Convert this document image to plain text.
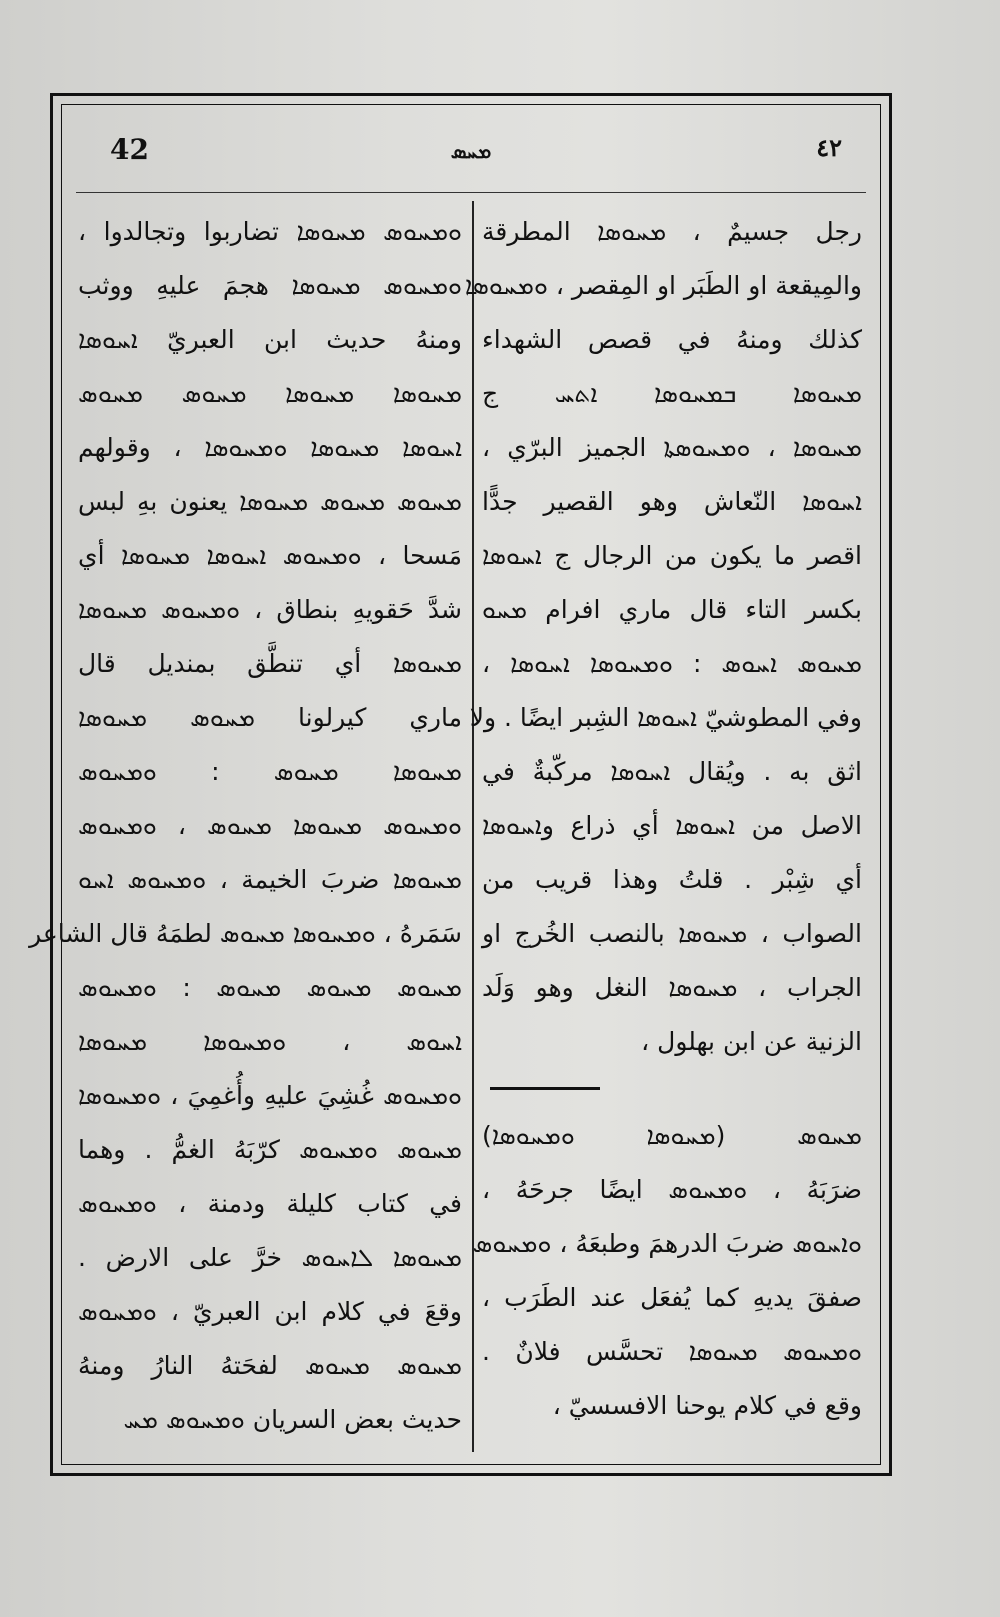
42	ܡܚܣ	٤٢
رجل جسيمٌ ، ܡܚܘܣܐ المطرقة
والمِيقعة او الطَبَر او المِقصر ، ܘܡܚܘܣܐ
كذلك ومنهُ في قصص الشهداء
ܡܚܘܣܐ ܒܡܚܘܣܐ ܐܬܚ ج
ܡܚܘܣܐ ، ܘܡܚܘܣܬܐ الجميز البرّي ،
ܐܚܘܣܐ النّعاش وهو القصير جدًّا
اقصر ما يكون من الرجال ج ܐܚܘܣܐ
بكسر التاء قال ماري افرام ܡܚܘ
ܡܚܘܣ ܐܚܘܣ : ܘܡܚܘܣܐ ܐܚܘܣܐ ،
وفي المطوشيّ ܐܚܘܣܐ الشِبر ايضًا . ولا
اثق به . ويُقال ܐܚܘܣܐ مركّبةٌ في
الاصل من ܐܚܘܣܐ أي ذراع وܐܚܘܣܐ
أي شِبْر . قلتُ وهذا قريب من
الصواب ، ܡܚܘܣܐ بالنصب الخُرج او
الجراب ، ܡܚܘܣܐ النغل وهو وَلَد
الزنية عن ابن بهلول ،
ܡܚܘܣ (ܡܚܘܣܐ ܘܡܚܘܣܐ)
ضرَبَهُ ، ܘܡܚܘܣ ايضًا جرحَهُ ،
ܘܐܚܘܣ ضربَ الدرهمَ وطبعَهُ ، ܘܡܚܘܣ
صفقَ يديهِ كما يُفعَل عند الطَرَب ،
ܘܡܚܘܣ ܡܚܘܣܐ تحسَّس فلانٌ .
وقع في كلام يوحنا الافسسيّ ،
ܘܡܚܘܣ ܡܚܘܣܐ تضاربوا وتجالدوا ،
ܘܡܚܘܣ ܡܚܘܣܐ هجمَ عليهِ ووثب
ومنهُ حديث ابن العبريّ ܐܚܘܣܐ
ܡܚܘܣܐ ܡܚܘܣܐ ܡܚܘܣ ܡܚܘܣ
ܐܚܘܣܐ ܡܚܘܣܐ ܘܡܚܘܣܐ ، وقولهم
ܡܚܘܣ ܡܚܘܣ ܡܚܘܣܐ يعنون بهِ لبس
مَسحا ، ܘܡܚܘܣ ܐܚܘܣܐ ܡܚܘܣܐ أي
شدَّ حَقويهِ بنطاق ، ܘܡܚܘܣ ܡܚܘܣܐ
ܡܚܘܣܐ أي تنطَّق بمنديل قال
ماري كيرلونا ܡܚܘܣ ܡܚܘܣܐ
ܡܚܘܣܐ ܡܚܘܣ : ܘܡܚܘܣ
ܘܡܚܘܣ ܡܚܘܣܐ ܡܚܘܣ ، ܘܡܚܘܣ
ܡܚܘܣܐ ضربَ الخيمة ، ܘܡܚܘܣ ܐܚܘ
سَمَرهُ ، ܘܡܚܘܣܐ ܡܚܘܣ لطمَهُ قال الشاعر
ܡܚܘܣ ܡܚܘܣ ܡܚܘܣ : ܘܡܚܘܣ
ܐܚܘܣ ، ܘܡܚܘܣܐ ܡܚܘܣܐ
ܘܡܚܘܣ غُشِيَ عليهِ وأُغمِيَ ، ܘܡܚܘܣܐ
ܡܚܘܣ ܘܡܚܘܣ كرّبَهُ الغمُّ . وهما
في كتاب كليلة ودمنة ، ܘܡܚܘܣ
ܡܚܘܣܐ ܠܐܚܘܣ خرَّ على الارض .
وقعَ في كلام ابن العبريّ ، ܘܡܚܘܣ
ܡܚܘܣ ܡܚܘܣ لفحَتهُ النارُ ومنهُ
حديث بعض السريان ܘܡܚܘܣ ܡܚ
